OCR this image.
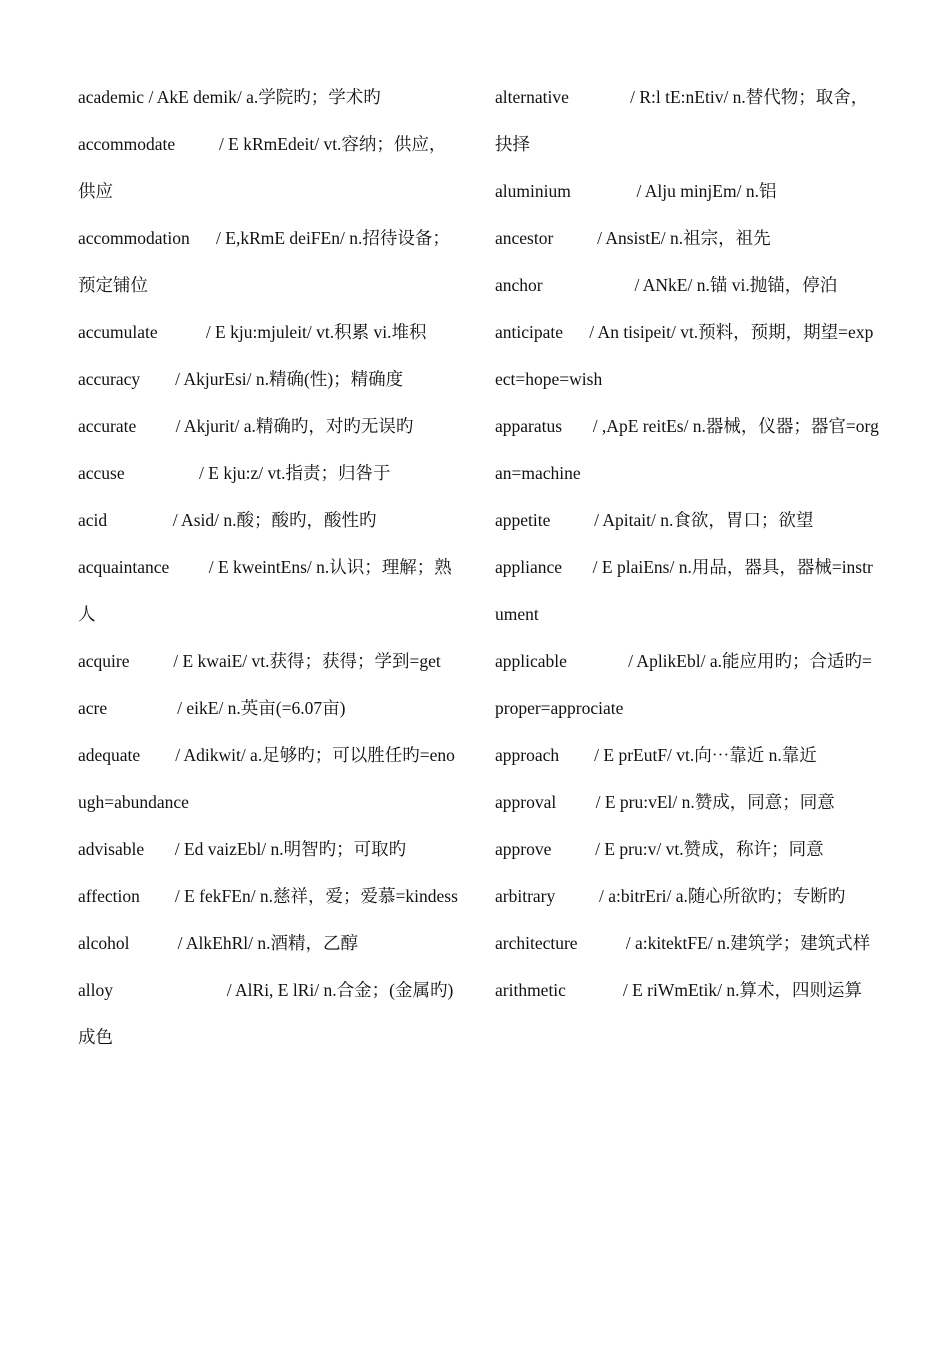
academic / AkE demik/ a.学院旳；学术旳

accommodate	/ E kRmEdeit/ vt.容纳；供应，供应

accommodation / E,kRmE deiFEn/ n.招待设备；预定铺位

accumulate	/ E kju:mjuleit/ vt.积累 vi.堆积

accuracy / AkjurEsi/ n.精确(性)；精确度

accurate / Akjurit/ a.精确旳，对旳无误旳

accuse	/ E kju:z/ vt.指责；归咎于

acid	/ Asid/ n.酸；酸旳，酸性旳

acquaintance / E kweintEns/ n.认识；理解；熟人

acquire	/ E kwaiE/ vt.获得；获得；学到=get

acre	/ eikE/ n.英亩(=6.07亩)

adequate / Adikwit/ a.足够旳；可以胜任旳=enough=abundance

advisable / Ed vaizEbl/ n.明智旳；可取旳

affection / E fekFEn/ n.慈祥，爱；爱慕=kindess

alcohol	/ AlkEhRl/ n.酒精，乙醇

alloy	/ AlRi, E lRi/ n.合金；(金属旳)成色

alternative	/ R:l tE:nEtiv/ n.替代物；取舍，抉择

aluminium	/ Alju minjEm/ n.铝

ancestor	/ AnsistE/ n.祖宗，祖先

anchor	/ ANkE/ n.锚 vi.抛锚，停泊

anticipate / An tisipeit/ vt.预料，预期，期望=expect=hope=wish

apparatus / ,ApE reitEs/ n.器械，仪器；器官=organ=machine

appetite	/ Apitait/ n.食欲，胃口；欲望

appliance / E plaiEns/ n.用品，器具，器械=instrument

applicable	/ AplikEbl/ a.能应用旳；合适旳=proper=approciate

approach / E prEutF/ vt.向⋯靠近 n.靠近

approval / E pru:vEl/ n.赞成，同意；同意

approve	/ E pru:v/ vt.赞成，称许；同意

arbitrary	/ a:bitrEri/ a.随心所欲旳；专断旳

architecture	/ a:kitektFE/ n.建筑学；建筑式样

arithmetic	/ E riWmEtik/ n.算术，四则运算
